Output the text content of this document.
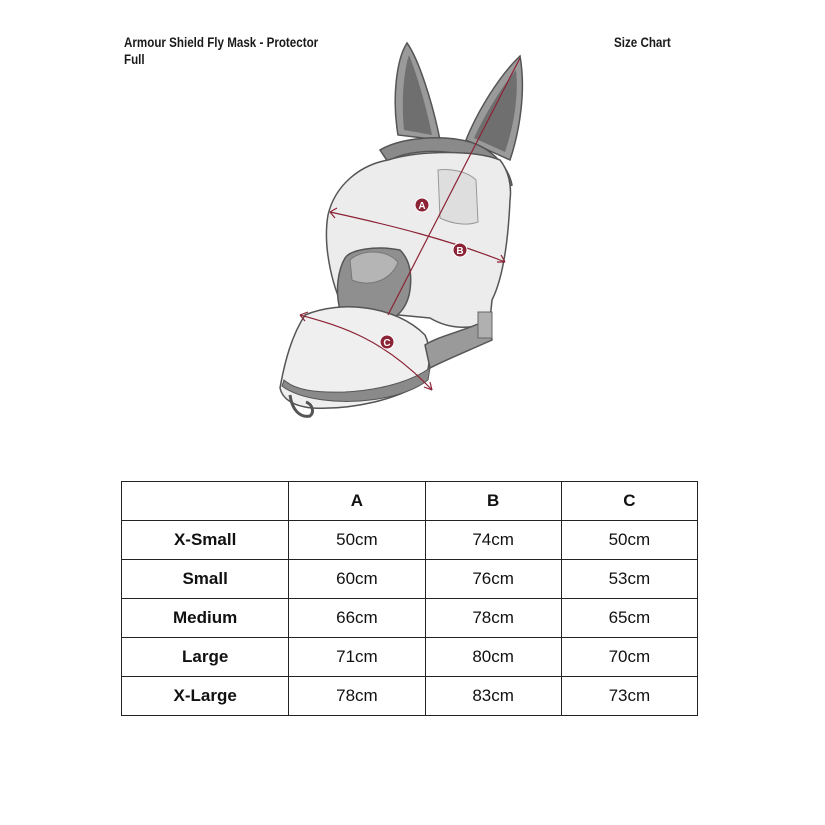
Armour Shield Fly Mask - Protector Full
Size Chart
A
B
C
	A	B	C
X-Small	50cm	74cm	50cm
Small	60cm	76cm	53cm
Medium	66cm	78cm	65cm
Large	71cm	80cm	70cm
X-Large	78cm	83cm	73cm
